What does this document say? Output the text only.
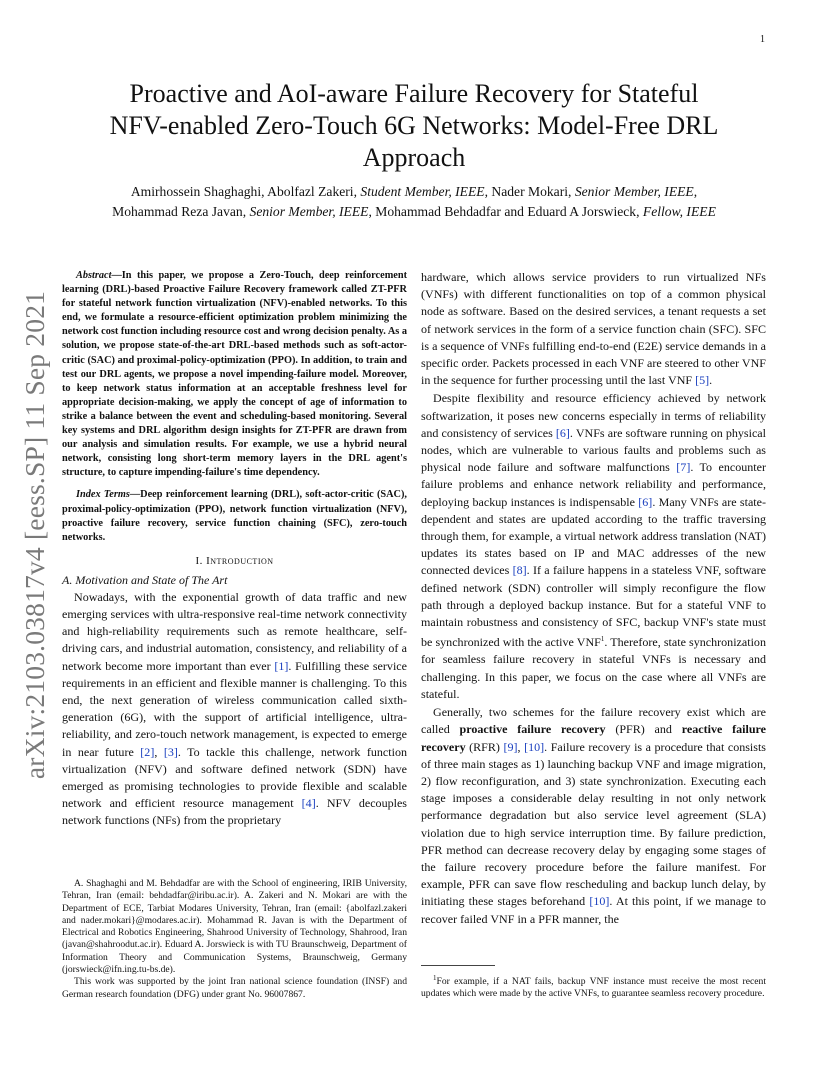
1
arXiv:2103.03817v4 [eess.SP] 11 Sep 2021
Proactive and AoI-aware Failure Recovery for Stateful
NFV-enabled Zero-Touch 6G Networks: Model-Free DRL
Approach
Amirhossein Shaghaghi, Abolfazl Zakeri, Student Member, IEEE, Nader Mokari, Senior Member, IEEE,
Mohammad Reza Javan, Senior Member, IEEE, Mohammad Behdadfar and Eduard A Jorswieck, Fellow, IEEE

Abstract—In this paper, we propose a Zero-Touch, deep reinforcement learning (DRL)-based Proactive Failure Recovery framework called ZT-PFR for stateful network function virtualization (NFV)-enabled networks. To this end, we formulate a resource-efficient optimization problem minimizing the network cost function including resource cost and wrong decision penalty. As a solution, we propose state-of-the-art DRL-based methods such as soft-actor-critic (SAC) and proximal-policy-optimization (PPO). In addition, to train and test our DRL agents, we propose a novel impending-failure model. Moreover, to keep network status information at an acceptable freshness level for appropriate decision-making, we apply the concept of age of information to strike a balance between the event and scheduling-based monitoring. Several key systems and DRL algorithm design insights for ZT-PFR are drawn from our analysis and simulation results. For example, we use a hybrid neural network, consisting long short-term memory layers in the DRL agent's structure, to capture impending-failure's time dependency.

Index Terms—Deep reinforcement learning (DRL), soft-actor-critic (SAC), proximal-policy-optimization (PPO), network function virtualization (NFV), proactive failure recovery, service function chaining (SFC), zero-touch networks.

I. Introduction
A. Motivation and State of The Art

Nowadays, with the exponential growth of data traffic and new emerging services with ultra-responsive real-time network connectivity and high-reliability requirements such as remote healthcare, self-driving cars, and industrial automation, consistency, and reliability of a network become more important than ever [1]. Fulfilling these service requirements in an efficient and flexible manner is challenging. To this end, the next generation of wireless communication called sixth-generation (6G), with the support of artificial intelligence, ultra-reliability, and zero-touch network management, is expected to emerge in near future [2], [3]. To tackle this challenge, network function virtualization (NFV) and software defined network (SDN) have emerged as promising technologies to provide flexible and scalable network and efficient resource management [4]. NFV decouples network functions (NFs) from the proprietary

A. Shaghaghi and M. Behdadfar are with the School of engineering, IRIB University, Tehran, Iran (email: behdadfar@iribu.ac.ir). A. Zakeri and N. Mokari are with the Department of ECE, Tarbiat Modares University, Tehran, Iran (email: {abolfazl.zakeri and nader.mokari}@modares.ac.ir). Mohammad R. Javan is with the Department of Electrical and Robotics Engineering, Shahrood University of Technology, Shahrood, Iran (javan@shahroodut.ac.ir). Eduard A. Jorswieck is with TU Braunschweig, Department of Information Theory and Communication Systems, Braunschweig, Germany (jorswieck@ifn.ing.tu-bs.de).

This work was supported by the joint Iran national science foundation (INSF) and German research foundation (DFG) under grant No. 96007867.

hardware, which allows service providers to run virtualized NFs (VNFs) with different functionalities on top of a common physical node as software. Based on the desired services, a tenant requests a set of network services in the form of a service function chain (SFC). SFC is a sequence of VNFs fulfilling end-to-end (E2E) service demands in a specific order. Packets processed in each VNF are steered to other VNF in the sequence for further processing until the last VNF [5].

Despite flexibility and resource efficiency achieved by network softwarization, it poses new concerns especially in terms of reliability and consistency of services [6]. VNFs are software running on physical nodes, which are vulnerable to various faults and problems such as physical node failure and software malfunctions [7]. To encounter failure problems and enhance network reliability and performance, deploying backup instances is indispensable [6]. Many VNFs are state-dependent and states are updated according to the traffic traversing through them, for example, a virtual network address translation (NAT) updates its states based on IP and MAC addresses of the new connected devices [8]. If a failure happens in a stateless VNF, software defined network (SDN) controller will simply reconfigure the flow path through a deployed backup instance. But for a stateful VNF to maintain robustness and consistency of SFC, backup VNF's state must be synchronized with the active VNF$^1$. Therefore, state synchronization for seamless failure recovery in stateful VNFs is necessary and challenging. In this paper, we focus on the case where all VNFs are stateful.

Generally, two schemes for the failure recovery exist which are called proactive failure recovery (PFR) and reactive failure recovery (RFR) [9], [10]. Failure recovery is a procedure that consists of three main stages as 1) launching backup VNF and image migration, 2) flow reconfiguration, and 3) state synchronization. Executing each stage imposes a considerable delay resulting in not only network performance degradation but also service level agreement (SLA) violation due to high service interruption time. By failure prediction, PFR method can decrease recovery delay by engaging some stages of the failure recovery procedure before the failure manifest. For example, PFR can save flow rescheduling and backup lunch delay, by initiating these stages beforehand [10]. At this point, if we manage to recover failed VNF in a PFR manner, the

$^1$For example, if a NAT fails, backup VNF instance must receive the most recent updates which were made by the active VNFs, to guarantee seamless recovery procedure.
